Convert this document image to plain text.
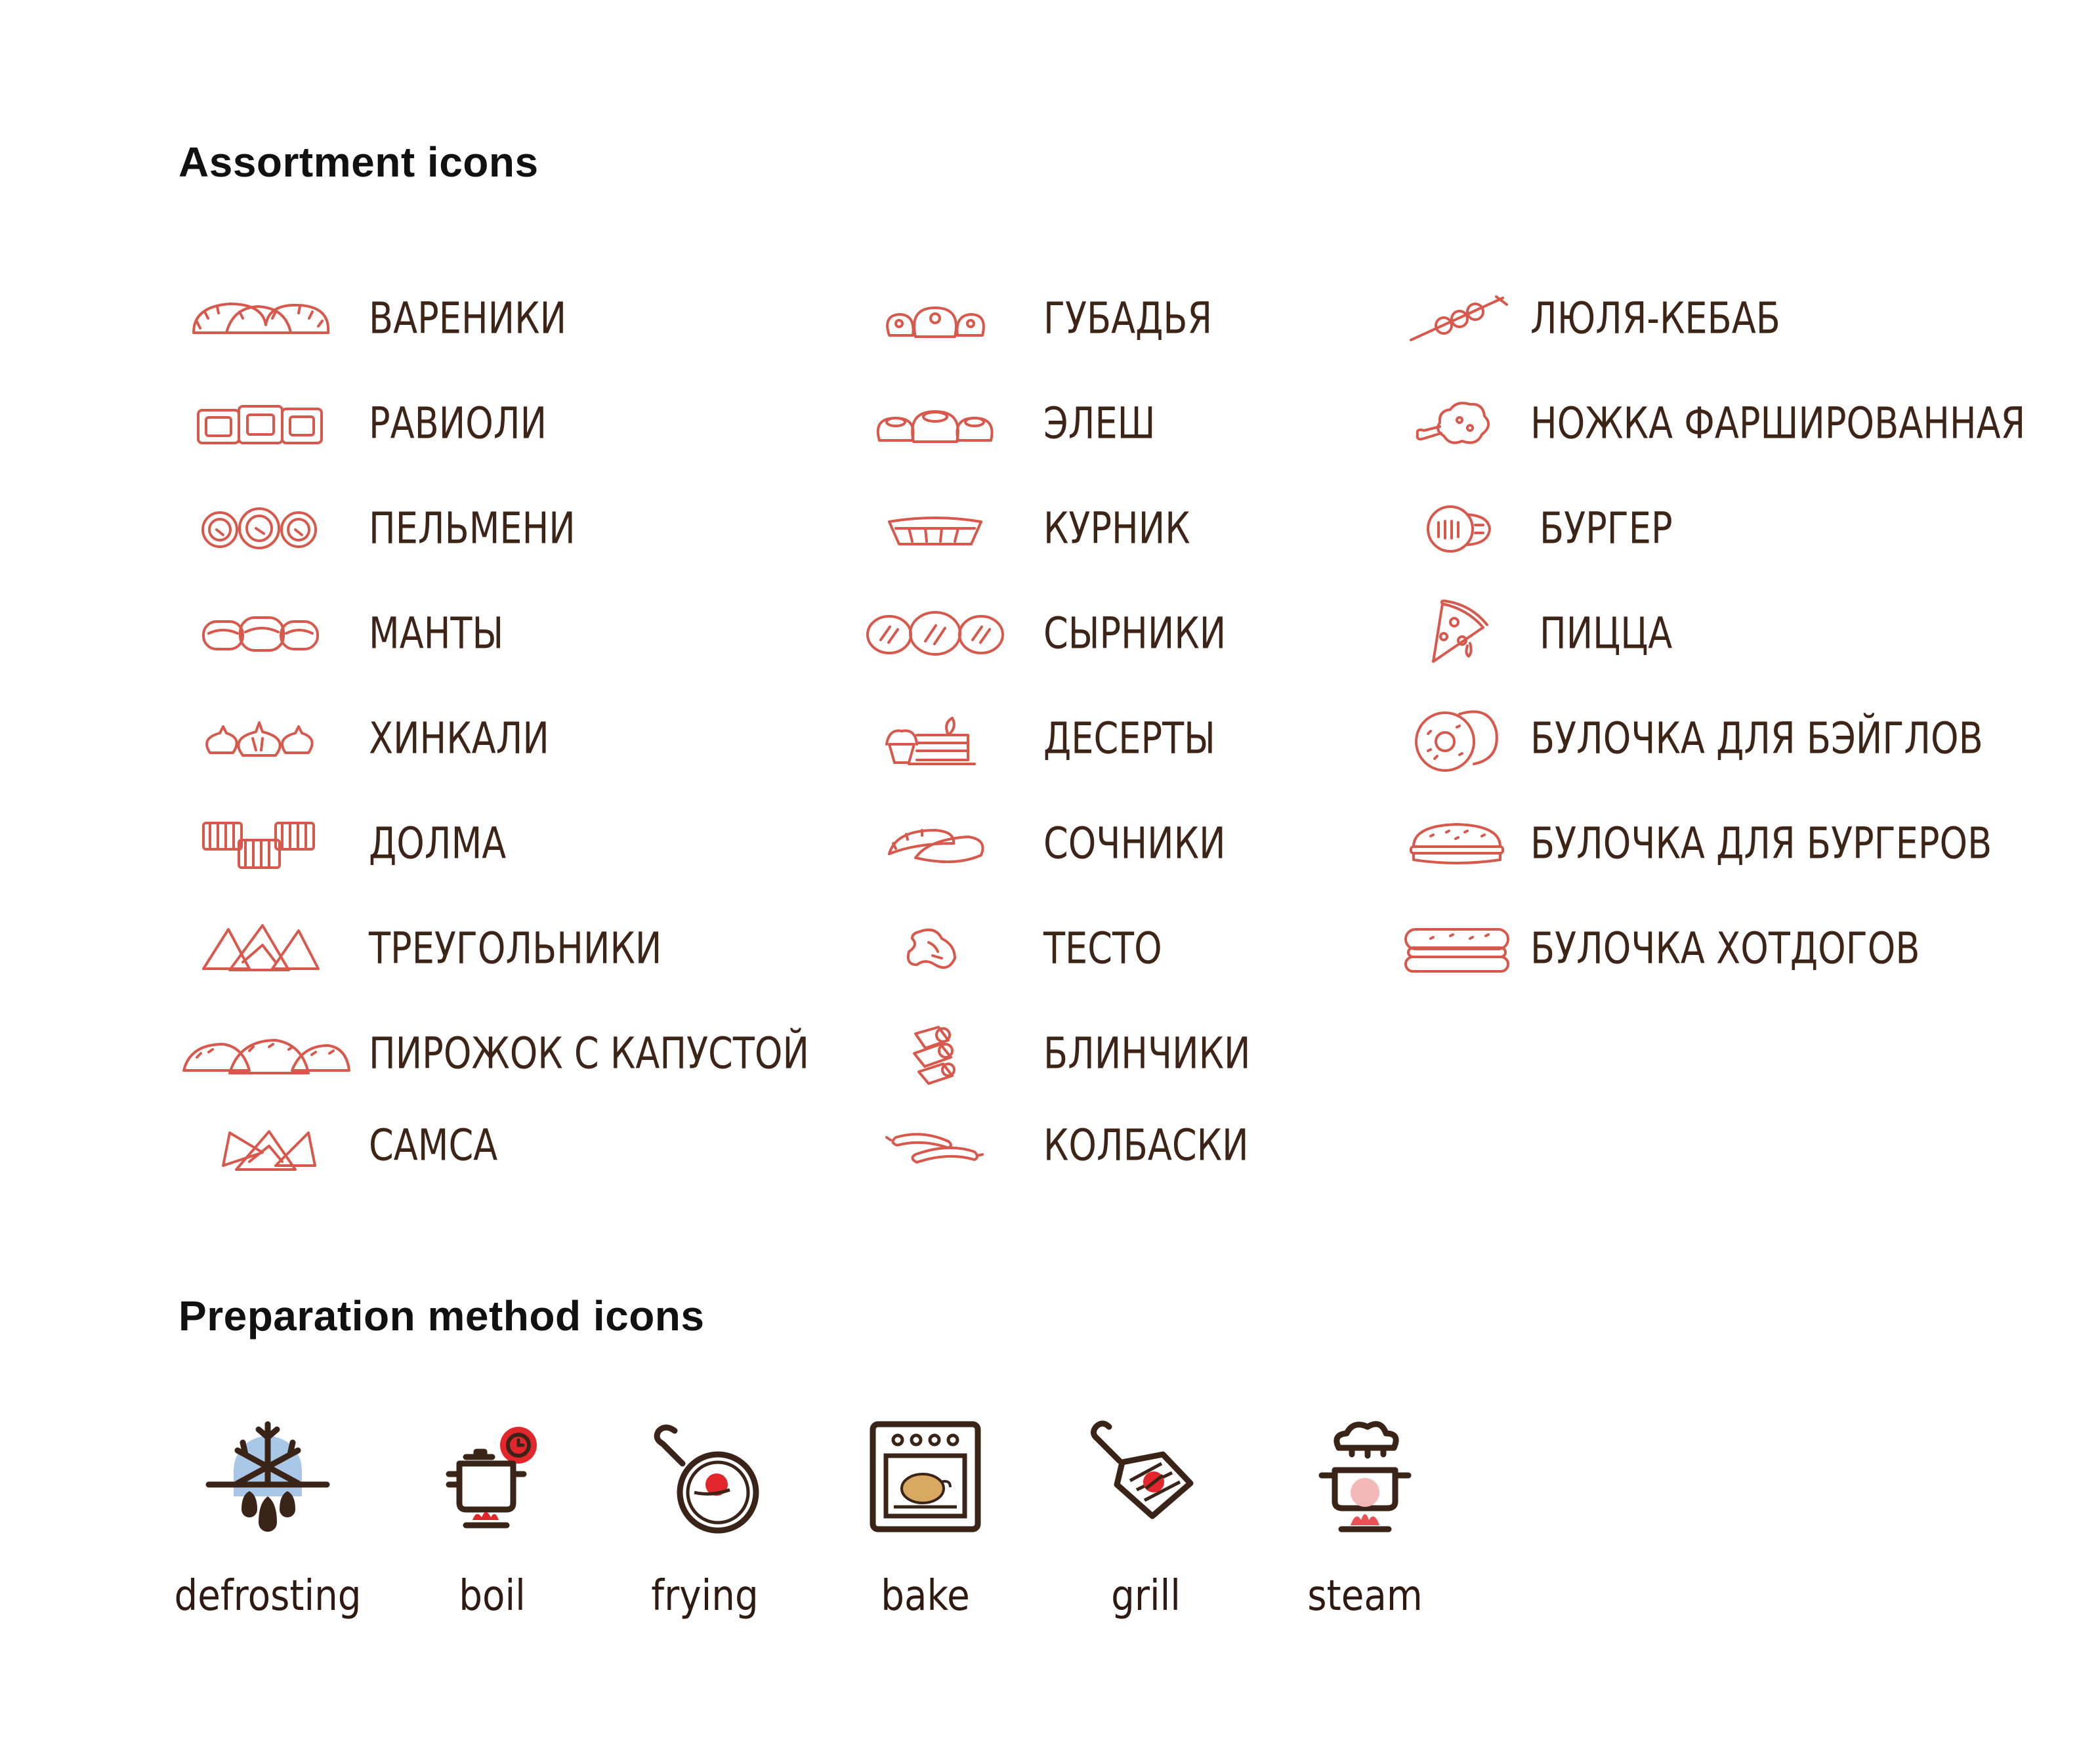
Assortment icons
ВАРЕНИКИ
РАВИОЛИ
ПЕЛЬМЕНИ
МАНТЫ
ХИНКАЛИ
ДОЛМА
ТРЕУГОЛЬНИКИ
ПИРОЖОК С КАПУСТОЙ
САМСА
ГУБАДЬЯ
ЭЛЕШ
КУРНИК
СЫРНИКИ
ДЕСЕРТЫ
СОЧНИКИ
ТЕСТО
БЛИНЧИКИ
КОЛБАСКИ
ЛЮЛЯ-КЕБАБ
НОЖКА ФАРШИРОВАННАЯ
БУРГЕР
ПИЦЦА
БУЛОЧКА ДЛЯ БЭЙГЛОВ
БУЛОЧКА ДЛЯ БУРГЕРОВ
БУЛОЧКА ХОТДОГОВ
Preparation method icons
defrosting boil	frying	bake	grill	steam
